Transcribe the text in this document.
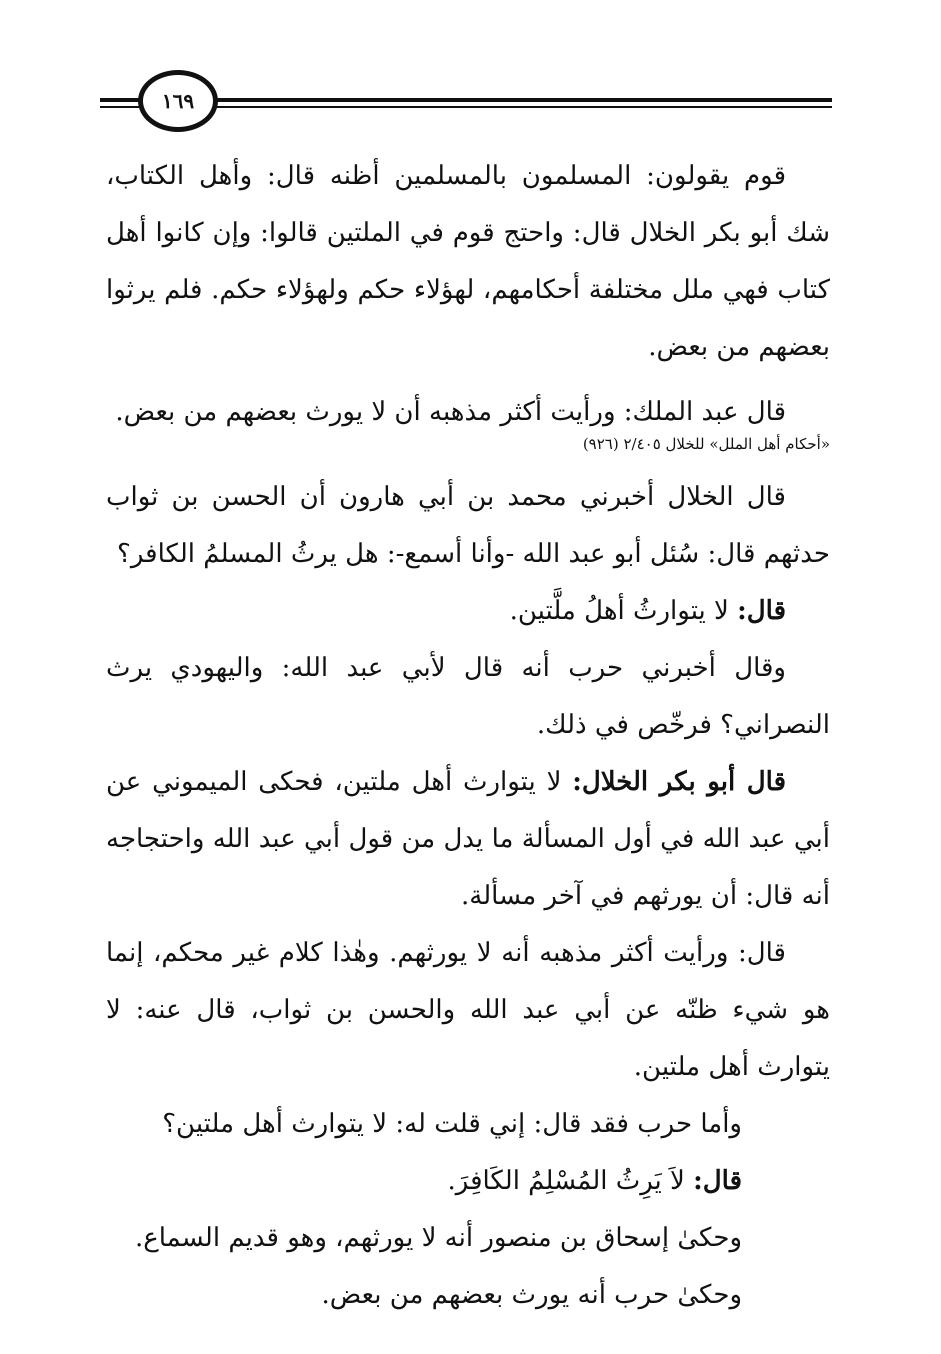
١٦٩

قوم يقولون: المسلمون بالمسلمين أظنه قال: وأهل الكتاب، شك أبو بكر الخلال قال: واحتج قوم في الملتين قالوا: وإن كانوا أهل كتاب فهي ملل مختلفة أحكامهم، لهؤلاء حكم ولهؤلاء حكم. فلم يرثوا بعضهم من بعض.

قال عبد الملك: ورأيت أكثر مذهبه أن لا يورث بعضهم من بعض.

«أحكام أهل الملل» للخلال ٢/٤٠٥ (٩٢٦)

قال الخلال أخبرني محمد بن أبي هارون أن الحسن بن ثواب حدثهم قال: سُئل أبو عبد الله -وأنا أسمع-: هل يرثُ المسلمُ الكافر؟

قال: لا يتوارثُ أهلُ ملَّتين.

وقال أخبرني حرب أنه قال لأبي عبد الله: واليهودي يرث النصراني؟ فرخّص في ذلك.

قال أبو بكر الخلال: لا يتوارث أهل ملتين، فحكى الميموني عن أبي عبد الله في أول المسألة ما يدل من قول أبي عبد الله واحتجاجه أنه قال: أن يورثهم في آخر مسألة.

قال: ورأيت أكثر مذهبه أنه لا يورثهم. وهٰذا كلام غير محكم، إنما هو شيء ظنّه عن أبي عبد الله والحسن بن ثواب، قال عنه: لا يتوارث أهل ملتين.

وأما حرب فقد قال: إني قلت له: لا يتوارث أهل ملتين؟

قال: لاَ يَرِثُ المُسْلِمُ الكَافِرَ.

وحكىٰ إسحاق بن منصور أنه لا يورثهم، وهو قديم السماع.

وحكىٰ حرب أنه يورث بعضهم من بعض.
